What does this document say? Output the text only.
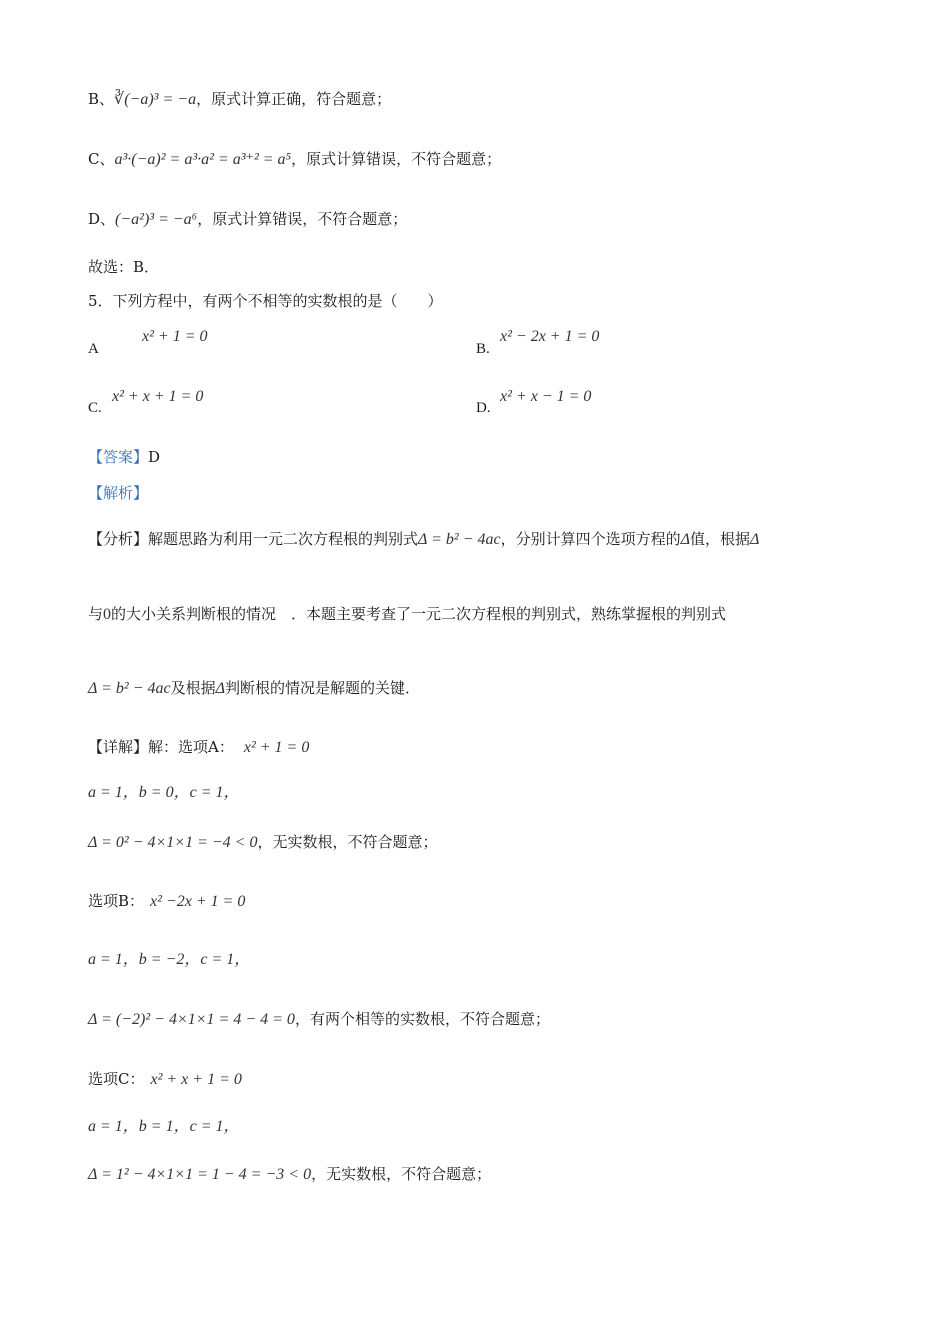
B、∛(−a)³ = −a，原式计算正确，符合题意；
C、a³·(−a)² = a³·a² = a³⁺² = a⁵，原式计算错误，不符合题意；
D、(−a²)³ = −a⁶，原式计算错误，不符合题意；
故选：B．
5．下列方程中，有两个不相等的实数根的是（　　）
A
x² + 1 = 0
B.
x² − 2x + 1 = 0
C.
x² + x + 1 = 0
D.
x² + x − 1 = 0
【答案】D
【解析】
【分析】解题思路为利用一元二次方程根的判别式Δ = b² − 4ac，分别计算四个选项方程的Δ值，根据Δ
与0的大小关系判断根的情况　．本题主要考查了一元二次方程根的判别式，熟练掌握根的判别式
Δ = b² − 4ac及根据Δ判断根的情况是解题的关键．
【详解】解：选项A： x² + 1 = 0
a = 1，b = 0，c = 1，
Δ = 0² − 4×1×1 = −4 < 0，无实数根，不符合题意；
选项B： x² −2x + 1 = 0
a = 1，b = −2，c = 1，
Δ = (−2)² − 4×1×1 = 4 − 4 = 0，有两个相等的实数根，不符合题意；
选项C： x² + x + 1 = 0
a = 1，b = 1，c = 1，
Δ = 1² − 4×1×1 = 1 − 4 = −3 < 0，无实数根，不符合题意；
